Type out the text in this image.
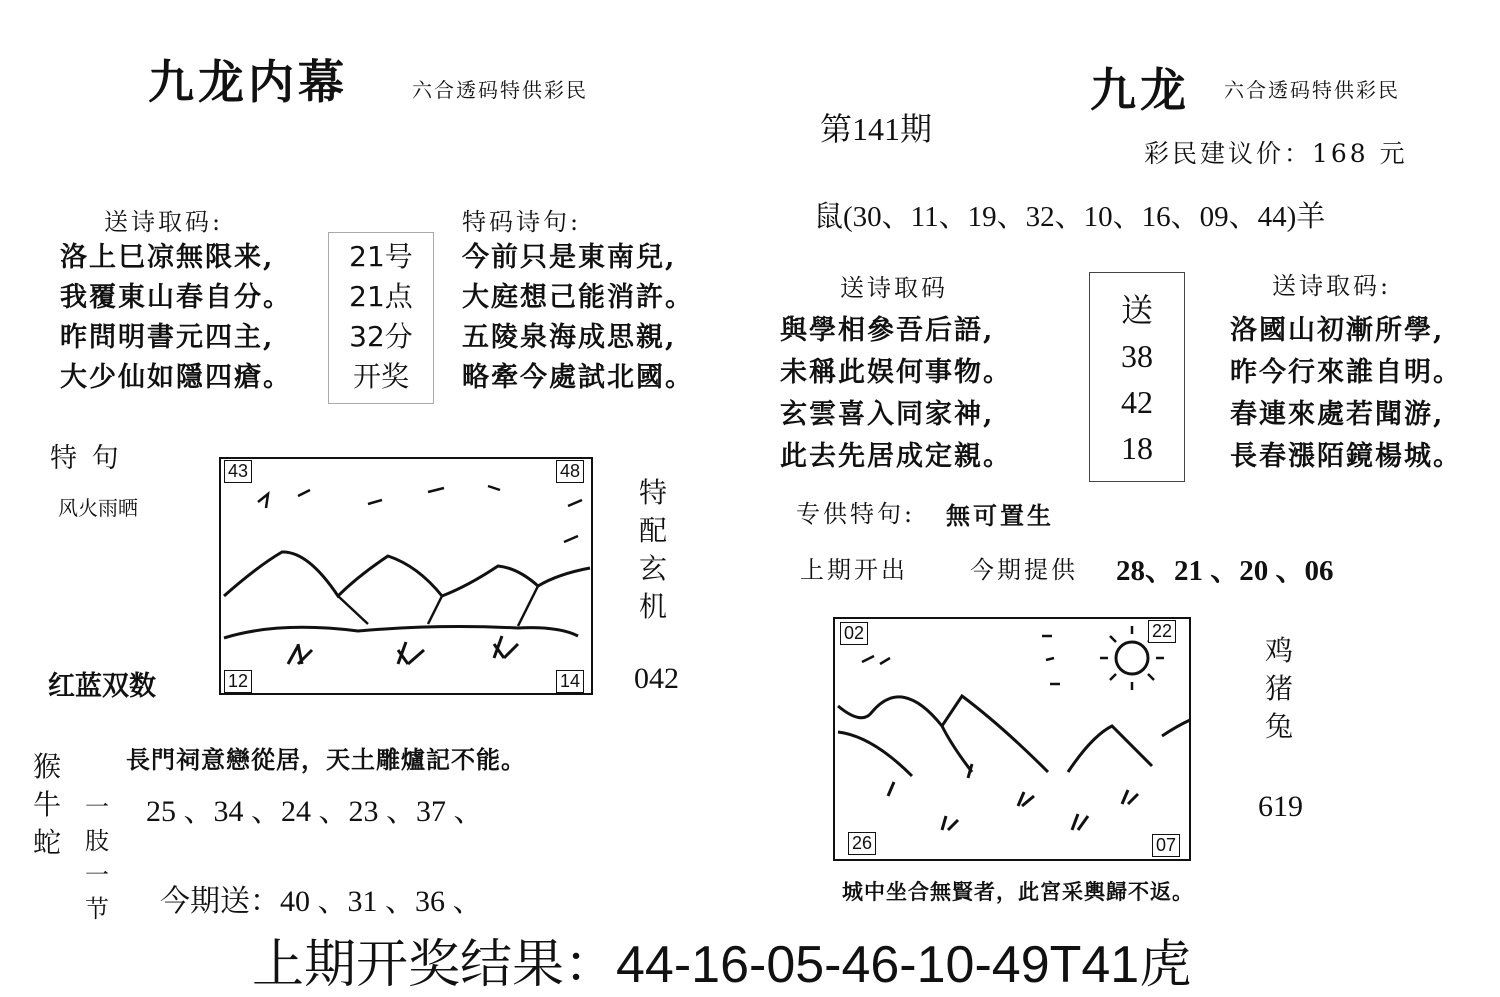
九龙内幕	六合透码特供彩民
送诗取码:
洛上巳凉無限来,
我覆東山春自分。
昨問明書元四主,
大少仙如隱四瘡。
21号
21点
32分
开奖
特码诗句:
今前只是東南兒,
大庭想己能消許。
五陵泉海成思親,
略牽今處試北國。
特 句
风火雨晒
43	48
12	14
特
配
玄
机
红蓝双数	042
長門祠意戀從居，天土雕爐記不能。
猴
牛
蛇
一
肢
一
节
25 、34 、24 、23 、37 、
今期送：40 、31 、36 、
九龙 六合透码特供彩民
第141期
彩民建议价：168 元
鼠(30、11、19、32、10、16、09、44)羊
送诗取码
與學相參吾后語,
未稱此娱何事物。
玄雲喜入同家神,
此去先居成定親。
送
38
42
18
送诗取码:
洛國山初漸所學,
昨今行來誰自明。
春連來處若聞游,
長春漲陌鏡楊城。
专供特句: 無可置生
上期开出	今期提供 28、21 、20 、06
02	22
26	07
鸡
猪
兔
619
城中坐合無賢者，此宮采輿歸不返。
上期开奖结果：44-16-05-46-10-49T41虎
